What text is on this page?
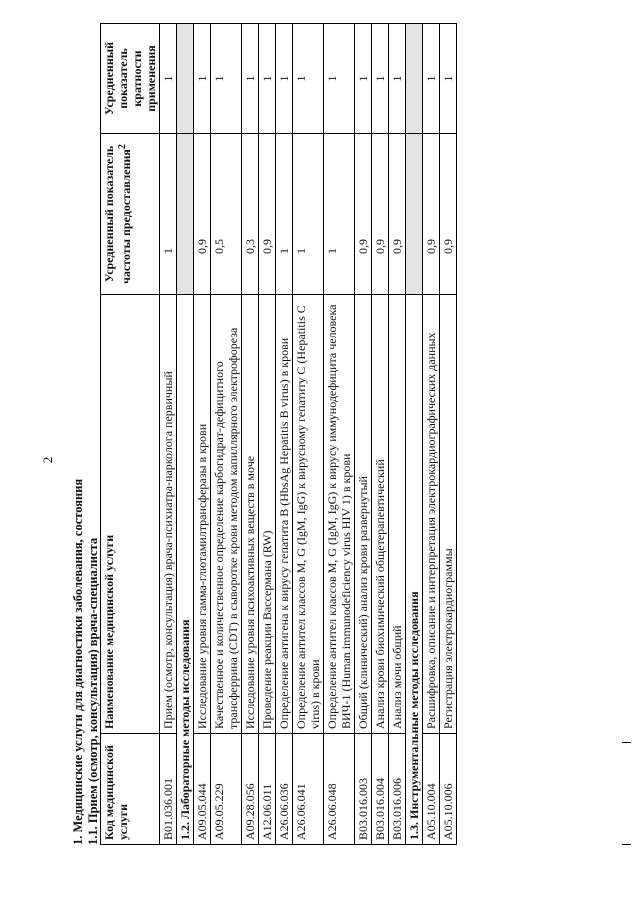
2
1. Медицинские услуги для диагностики заболевания, состояния 1.1. Прием (осмотр, консультация) врача-специалиста Код медицинской услуги	Наименование медицинской услуги	Усредненный показатель частоты предоставления$^2$	Усредненный показатель кратности применения
B01.036.001	Прием (осмотр, консультация) врача-психиатра-нарколога первичный	1	1
1.2. Лабораторные методы исследования			
A09.05.044	Исследование уровня гамма-глютамилтрансферазы в крови	0,9	1
A09.05.229	Качественное и количественное определение карбогидрат-дефицитного трансферрина (CDT) в сыворотке крови методом капиллярного электрофореза	0,5	1
A09.28.056	Исследование уровня психоактивных веществ в моче	0,3	1
A12.06.011	Проведение реакции Вассермана (RW)	0,9	1
A26.06.036	Определение антигена к вирусу гепатита B (HbsAg Hepatitis B virus) в крови	1	1
A26.06.041	Определение антител классов M, G (IgM, IgG) к вирусному гепатиту C (Hepatitis C virus) в крови	1	1
A26.06.048	Определение антител классов M, G (IgM, IgG) к вирусу иммунодефицита человека ВИЧ-1 (Human immunodeficiency virus HIV 1) в крови	1	1
B03.016.003	Общий (клинический) анализ крови развернутый	0,9	1
B03.016.004	Анализ крови биохимический общетерапевтический	0,9	1
B03.016.006	Анализ мочи общий	0,9	1
1.3. Инструментальные методы исследования			
A05.10.004	Расшифровка, описание и интерпретация электрокардиографических данных	0,9	1
A05.10.006	Регистрация электрокардиограммы	0,9	1
